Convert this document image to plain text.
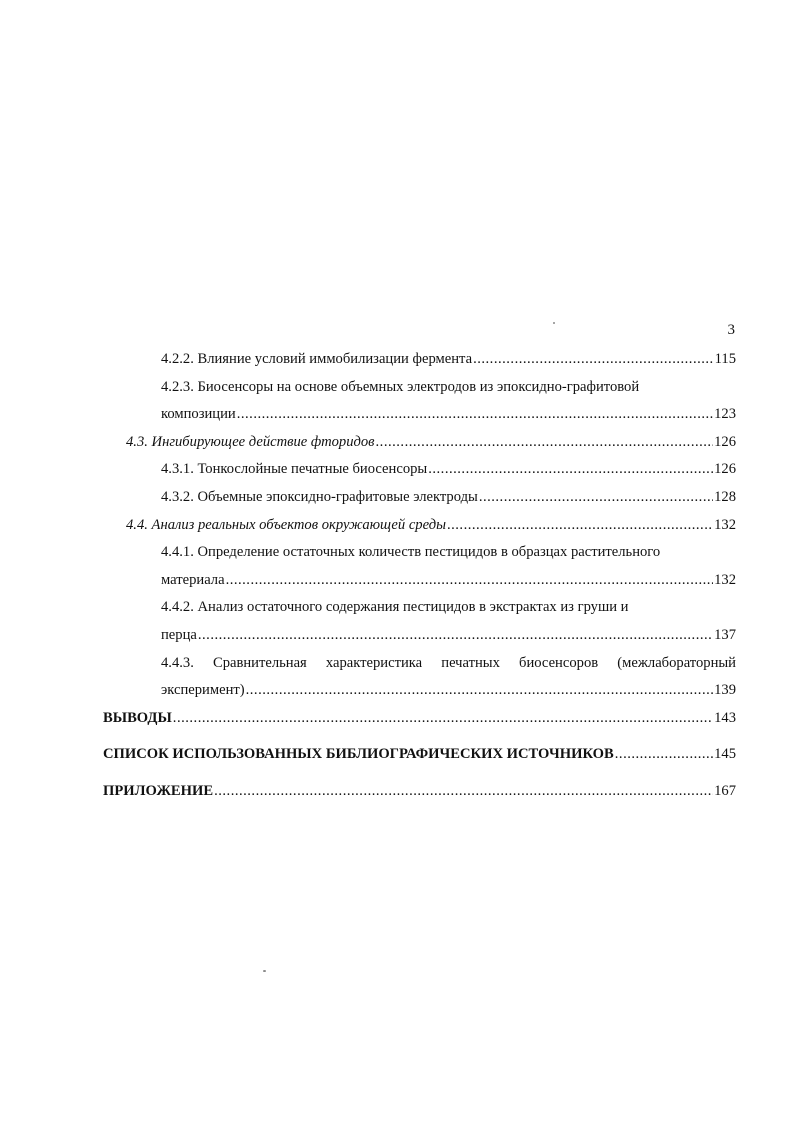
3
4.2.2. Влияние условий иммобилизации фермента .....	115
4.2.3. Биосенсоры на основе объемных электродов из эпоксидно-графитовой
композиции .....	123
4.3. Ингибирующее действие фторидов .....	126
4.3.1. Тонкослойные печатные биосенсоры .....	126
4.3.2. Объемные эпоксидно-графитовые электроды .....	128
4.4. Анализ реальных объектов окружающей среды .....	132
4.4.1. Определение остаточных количеств пестицидов в образцах растительного
материала .....	132
4.4.2. Анализ остаточного содержания пестицидов в экстрактах из груши и
перца .....	137
4.4.3. Сравнительная характеристика печатных биосенсоров (межлабораторный
эксперимент) .....	139
ВЫВОДЫ .....	143
СПИСОК ИСПОЛЬЗОВАННЫХ БИБЛИОГРАФИЧЕСКИХ ИСТОЧНИКОВ .....	145
ПРИЛОЖЕНИЕ .....	167
